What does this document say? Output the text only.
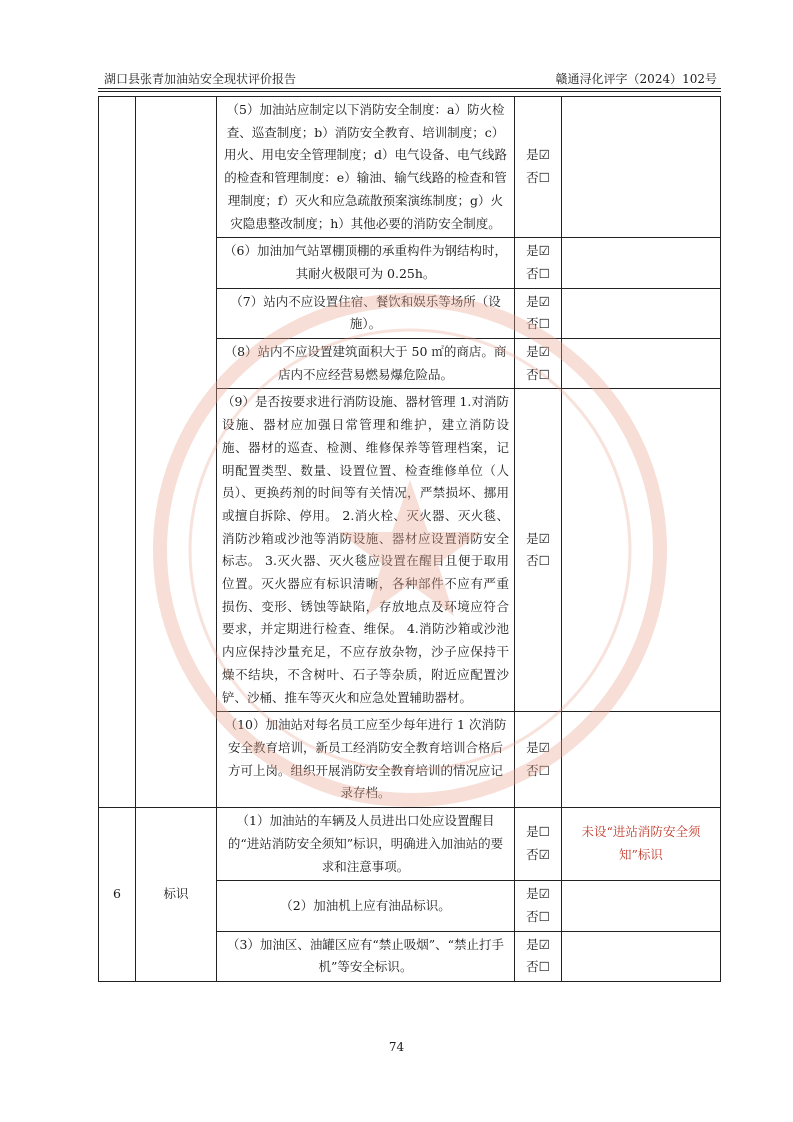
湖口县张青加油站安全现状评价报告	赣通浔化评字（2024）102号
		（5）加油站应制定以下消防安全制度：a）防火检查、巡查制度；b）消防安全教育、培训制度；c）用火、用电安全管理制度；d）电气设备、电气线路的检查和管理制度：e）输油、输气线路的检查和管理制度；f）灭火和应急疏散预案演练制度；g）火灾隐患整改制度；h）其他必要的消防安全制度。	是☑
否☐	

		（6）加油加气站罩棚顶棚的承重构件为钢结构时，其耐火极限可为 0.25h。	是☑
否☐	

		（7）站内不应设置住宿、餐饮和娱乐等场所（设施）。	是☑
否☐	

		（8）站内不应设置建筑面积大于 50 ㎡的商店。商店内不应经营易燃易爆危险品。	是☑
否☐	

		（9）是否按要求进行消防设施、器材管理 1.对消防设施、器材应加强日常管理和维护，建立消防设施、器材的巡查、检测、维修保养等管理档案，记明配置类型、数量、设置位置、检查维修单位（人员）、更换药剂的时间等有关情况，严禁损坏、挪用或擅自拆除、停用。 2.消火栓、灭火器、灭火毯、消防沙箱或沙池等消防设施、器材应设置消防安全标志。 3.灭火器、灭火毯应设置在醒目且便于取用位置。灭火器应有标识清晰，各种部件不应有严重损伤、变形、锈蚀等缺陷，存放地点及环境应符合要求，并定期进行检查、维保。 4.消防沙箱或沙池内应保持沙量充足，不应存放杂物，沙子应保持干燥不结块，不含树叶、石子等杂质，附近应配置沙铲、沙桶、推车等灭火和应急处置辅助器材。	是☑
否☐	

		（10）加油站对每名员工应至少每年进行 1 次消防安全教育培训，新员工经消防安全教育培训合格后方可上岗。组织开展消防安全教育培训的情况应记录存档。	是☑
否☐	

6	标识	（1）加油站的车辆及人员进出口处应设置醒目的“进站消防安全须知”标识，明确进入加油站的要求和注意事项。	是☐
否☑	未设“进站消防安全须知”标识
		（2）加油机上应有油品标识。	是☑
否☐	

		（3）加油区、油罐区应有“禁止吸烟”、“禁止打手机”等安全标识。	是☑
否☐	

74
